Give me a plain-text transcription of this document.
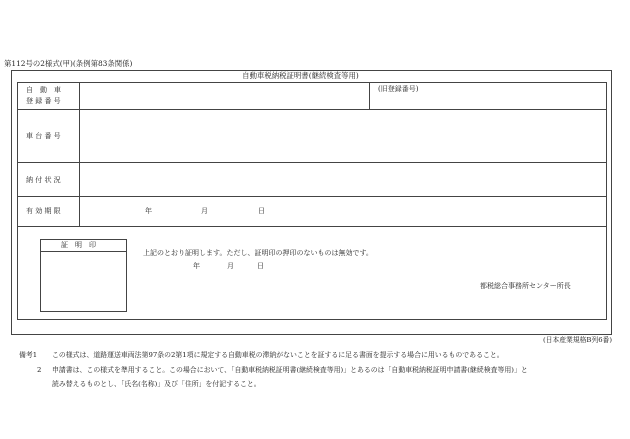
第112号の2様式(甲)(条例第83条関係)
自動車税納税証明書(継続検査等用)
自　動　車
登 録 番 号
(旧登録番号)
車 台 番 号
納 付 状 況
有 効 期 限	年	月	日
証　明　印
上記のとおり証明します。ただし、証明印の押印のないものは無効です。
年	月	日
都税総合事務所センター所長
(日本産業規格B列6番)
備考1 この様式は、道路運送車両法第97条の2第1項に規定する自動車税の滞納がないことを証するに足る書面を提示する場合に用いるものであること。
2 申請書は、この様式を準用すること。この場合において、「自動車税納税証明書(継続検査等用)」とあるのは「自動車税納税証明申請書(継続検査等用)」と
読み替えるものとし、「氏名(名称)」及び「住所」を付記すること。
